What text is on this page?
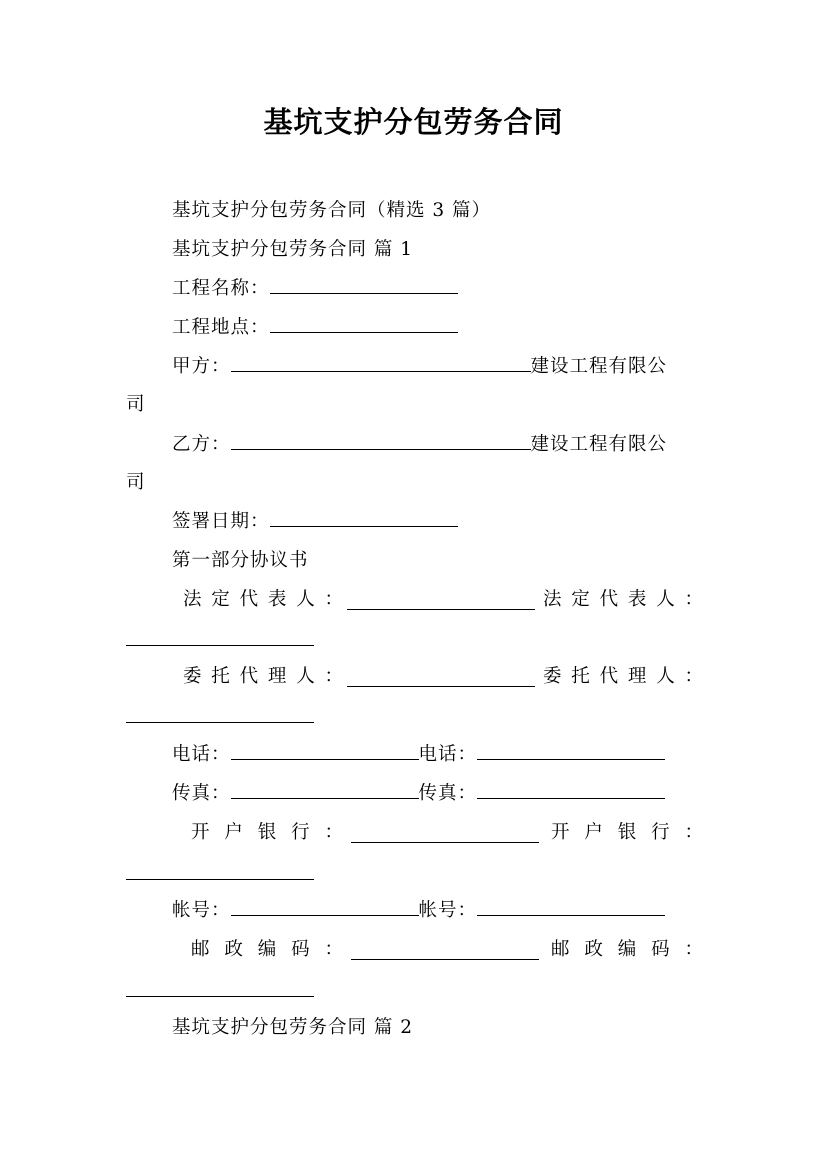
基坑支护分包劳务合同
基坑支护分包劳务合同（精选 3 篇）
基坑支护分包劳务合同 篇 1
工程名称：
工程地点：
甲方：	建设工程有限公
司
乙方：	建设工程有限公
司
签署日期：
第一部分协议书
法 定 代 表 人 ：	法 定 代 表 人 ：
委 托 代 理 人 ：	委 托 代 理 人 ：
电话：	电话：
传真：	传真：
开 户 银 行 ：	开 户 银 行 ：
帐号：	帐号：
邮 政 编 码 ：	邮 政 编 码 ：
基坑支护分包劳务合同 篇 2
